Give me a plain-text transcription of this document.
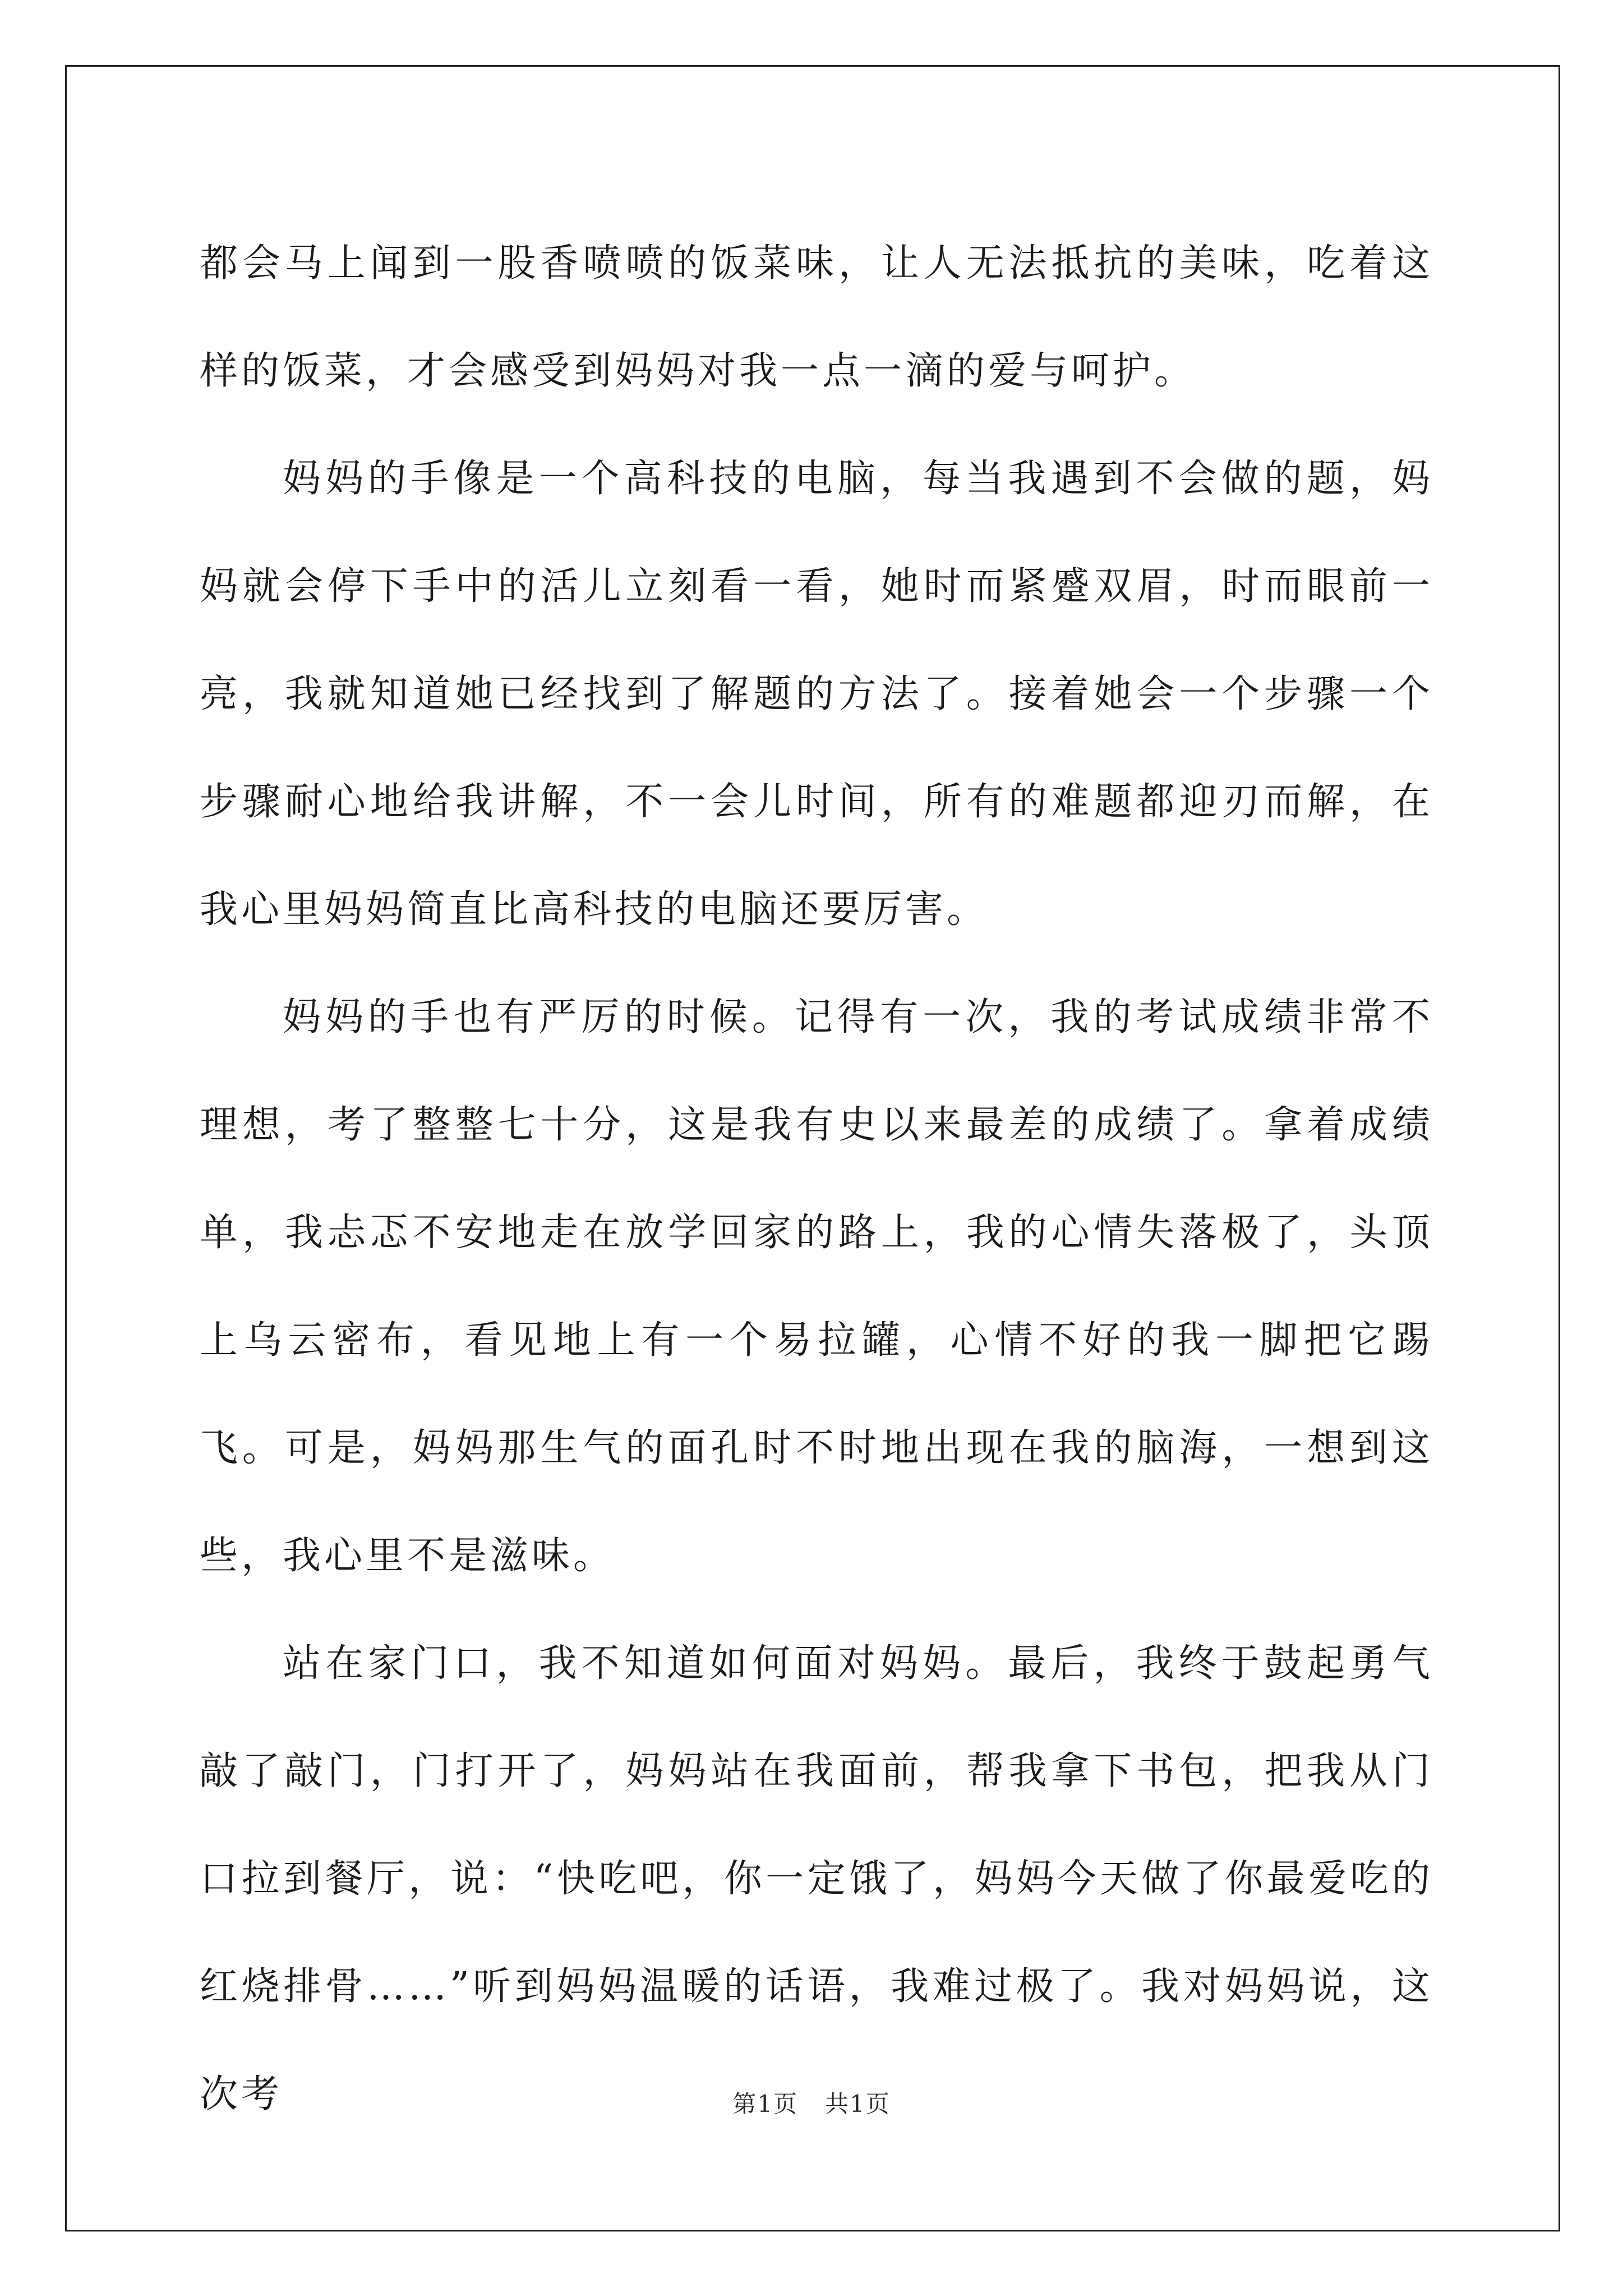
都会马上闻到一股香喷喷的饭菜味，让人无法抵抗的美味，吃着这样的饭菜，才会感受到妈妈对我一点一滴的爱与呵护。

妈妈的手像是一个高科技的电脑，每当我遇到不会做的题，妈妈就会停下手中的活儿立刻看一看，她时而紧蹙双眉，时而眼前一亮，我就知道她已经找到了解题的方法了。接着她会一个步骤一个步骤耐心地给我讲解，不一会儿时间，所有的难题都迎刃而解，在我心里妈妈简直比高科技的电脑还要厉害。

妈妈的手也有严厉的时候。记得有一次，我的考试成绩非常不理想，考了整整七十分，这是我有史以来最差的成绩了。拿着成绩单，我忐忑不安地走在放学回家的路上，我的心情失落极了，头顶上乌云密布，看见地上有一个易拉罐，心情不好的我一脚把它踢飞。可是，妈妈那生气的面孔时不时地出现在我的脑海，一想到这些，我心里不是滋味。

站在家门口，我不知道如何面对妈妈。最后，我终于鼓起勇气敲了敲门，门打开了，妈妈站在我面前，帮我拿下书包，把我从门口拉到餐厅，说：“快吃吧，你一定饿了，妈妈今天做了你最爱吃的红烧排骨……”听到妈妈温暖的话语，我难过极了。我对妈妈说，这次考	第1页 共1页
